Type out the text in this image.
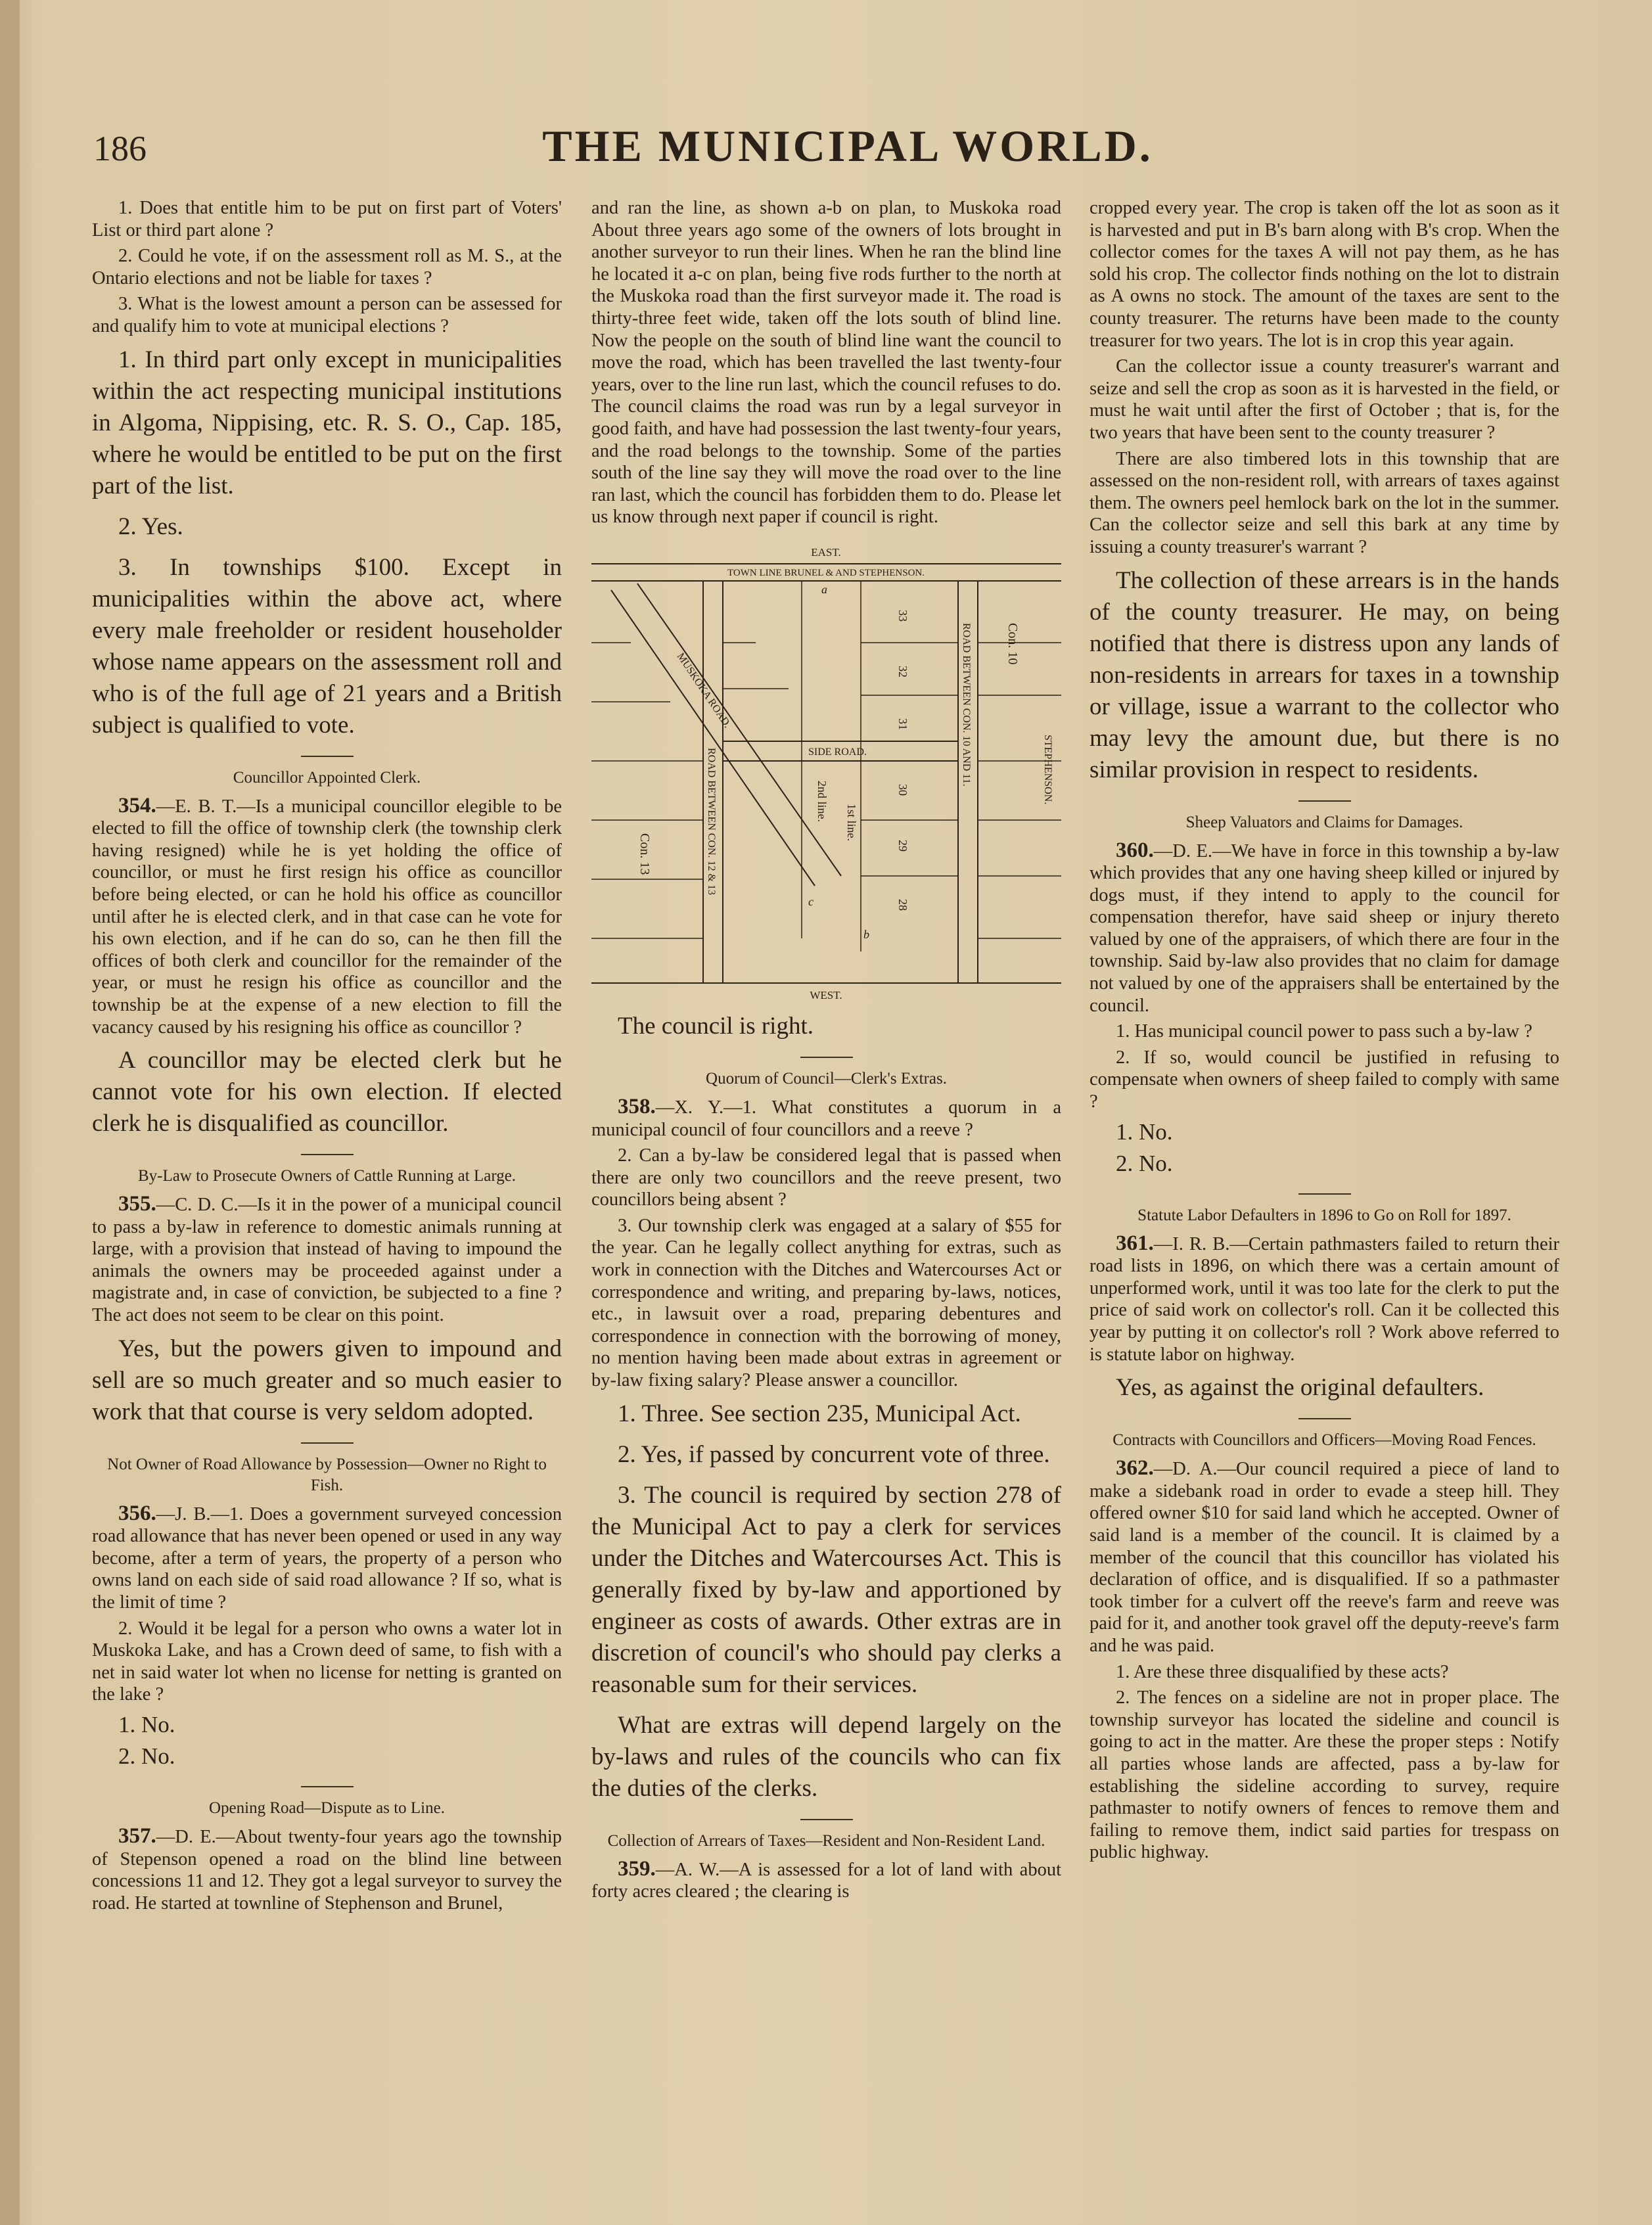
186	THE MUNICIPAL WORLD.

1. Does that entitle him to be put on first part of Voters' List or third part alone ?

2. Could he vote, if on the assessment roll as M. S., at the Ontario elections and not be liable for taxes ?

3. What is the lowest amount a person can be assessed for and qualify him to vote at municipal elections ?

1. In third part only except in municipalities within the act respecting municipal institutions in Algoma, Nippising, etc. R. S. O., Cap. 185, where he would be entitled to be put on the first part of the list.

2. Yes.

3. In townships $100. Except in municipalities within the above act, where every male freeholder or resident householder whose name appears on the assessment roll and who is of the full age of 21 years and a British subject is qualified to vote.

Councillor Appointed Clerk.

354.—E. B. T.—Is a municipal councillor elegible to be elected to fill the office of township clerk (the township clerk having resigned) while he is yet holding the office of councillor, or must he first resign his office as councillor before being elected, or can he hold his office as councillor until after he is elected clerk, and in that case can he vote for his own election, and if he can do so, can he then fill the offices of both clerk and councillor for the remainder of the year, or must he resign his office as councillor and the township be at the expense of a new election to fill the vacancy caused by his resigning his office as councillor ?

A councillor may be elected clerk but he cannot vote for his own election. If elected clerk he is disqualified as councillor.

By-Law to Prosecute Owners of Cattle Running at Large.

355.—C. D. C.—Is it in the power of a municipal council to pass a by-law in reference to domestic animals running at large, with a provision that instead of having to impound the animals the owners may be proceeded against under a magistrate and, in case of conviction, be subjected to a fine ? The act does not seem to be clear on this point.

Yes, but the powers given to impound and sell are so much greater and so much easier to work that that course is very seldom adopted.

Not Owner of Road Allowance by Possession—Owner no Right to Fish.

356.—J. B.—1. Does a government surveyed concession road allowance that has never been opened or used in any way become, after a term of years, the property of a person who owns land on each side of said road allowance ? If so, what is the limit of time ?

2. Would it be legal for a person who owns a water lot in Muskoka Lake, and has a Crown deed of same, to fish with a net in said water lot when no license for netting is granted on the lake ?

1. No.

2. No.

Opening Road—Dispute as to Line.

357.—D. E.—About twenty-four years ago the township of Stepenson opened a road on the blind line between concessions 11 and 12. They got a legal surveyor to survey the road. He started at townline of Stephenson and Brunel,

and ran the line, as shown a-b on plan, to Muskoka road About three years ago some of the owners of lots brought in another surveyor to run their lines. When he ran the blind line he located it a-c on plan, being five rods further to the north at the Muskoka road than the first surveyor made it. The road is thirty-three feet wide, taken off the lots south of blind line. Now the people on the south of blind line want the council to move the road, which has been travelled the last twenty-four years, over to the line run last, which the council refuses to do. The council claims the road was run by a legal surveyor in good faith, and have had possession the last twenty-four years, and the road belongs to the township. Some of the parties south of the line say they will move the road over to the line ran last, which the council has forbidden them to do. Please let us know through next paper if council is right.

EAST.
TOWN LINE BRUNEL & AND STEPHENSON.
WEST.
ROAD BETWEEN CON. 12 & 13
ROAD BETWEEN CON. 10 AND 11.
MUSKOKA ROAD.
SIDE ROAD.
2nd line.
1st line.
33
32
31
30
29
28
Con. 13
Con. 10
STEPHENSON.
a
b
c

The council is right.

Quorum of Council—Clerk's Extras.

358.—X. Y.—1. What constitutes a quorum in a municipal council of four councillors and a reeve ?

2. Can a by-law be considered legal that is passed when there are only two councillors and the reeve present, two councillors being absent ?

3. Our township clerk was engaged at a salary of $55 for the year. Can he legally collect anything for extras, such as work in connection with the Ditches and Watercourses Act or correspondence and writing, and preparing by-laws, notices, etc., in lawsuit over a road, preparing debentures and correspondence in connection with the borrowing of money, no mention having been made about extras in agreement or by-law fixing salary? Please answer a councillor.

1. Three. See section 235, Municipal Act.

2. Yes, if passed by concurrent vote of three.

3. The council is required by section 278 of the Municipal Act to pay a clerk for services under the Ditches and Watercourses Act. This is generally fixed by by-law and apportioned by engineer as costs of awards. Other extras are in discretion of council's who should pay clerks a reasonable sum for their services.

What are extras will depend largely on the by-laws and rules of the councils who can fix the duties of the clerks.

Collection of Arrears of Taxes—Resident and Non-Resident Land.

359.—A. W.—A is assessed for a lot of land with about forty acres cleared ; the clearing is

cropped every year. The crop is taken off the lot as soon as it is harvested and put in B's barn along with B's crop. When the collector comes for the taxes A will not pay them, as he has sold his crop. The collector finds nothing on the lot to distrain as A owns no stock. The amount of the taxes are sent to the county treasurer. The returns have been made to the county treasurer for two years. The lot is in crop this year again.

Can the collector issue a county treasurer's warrant and seize and sell the crop as soon as it is harvested in the field, or must he wait until after the first of October ; that is, for the two years that have been sent to the county treasurer ?

There are also timbered lots in this township that are assessed on the non-resident roll, with arrears of taxes against them. The owners peel hemlock bark on the lot in the summer. Can the collector seize and sell this bark at any time by issuing a county treasurer's warrant ?

The collection of these arrears is in the hands of the county treasurer. He may, on being notified that there is distress upon any lands of non-residents in arrears for taxes in a township or village, issue a warrant to the collector who may levy the amount due, but there is no similar provision in respect to residents.

Sheep Valuators and Claims for Damages.

360.—D. E.—We have in force in this township a by-law which provides that any one having sheep killed or injured by dogs must, if they intend to apply to the council for compensation therefor, have said sheep or injury thereto valued by one of the appraisers, of which there are four in the township. Said by-law also provides that no claim for damage not valued by one of the appraisers shall be entertained by the council.

1. Has municipal council power to pass such a by-law ?

2. If so, would council be justified in refusing to compensate when owners of sheep failed to comply with same ?

1. No.

2. No.

Statute Labor Defaulters in 1896 to Go on Roll for 1897.

361.—I. R. B.—Certain pathmasters failed to return their road lists in 1896, on which there was a certain amount of unperformed work, until it was too late for the clerk to put the price of said work on collector's roll. Can it be collected this year by putting it on collector's roll ? Work above referred to is statute labor on highway.

Yes, as against the original defaulters.

Contracts with Councillors and Officers—Moving Road Fences.

362.—D. A.—Our council required a piece of land to make a sidebank road in order to evade a steep hill. They offered owner $10 for said land which he accepted. Owner of said land is a member of the council. It is claimed by a member of the council that this councillor has violated his declaration of office, and is disqualified. If so a pathmaster took timber for a culvert off the reeve's farm and reeve was paid for it, and another took gravel off the deputy-reeve's farm and he was paid.

1. Are these three disqualified by these acts?

2. The fences on a sideline are not in proper place. The township surveyor has located the sideline and council is going to act in the matter. Are these the proper steps : Notify all parties whose lands are affected, pass a by-law for establishing the sideline according to survey, require pathmaster to notify owners of fences to remove them and failing to remove them, indict said parties for trespass on public highway.
